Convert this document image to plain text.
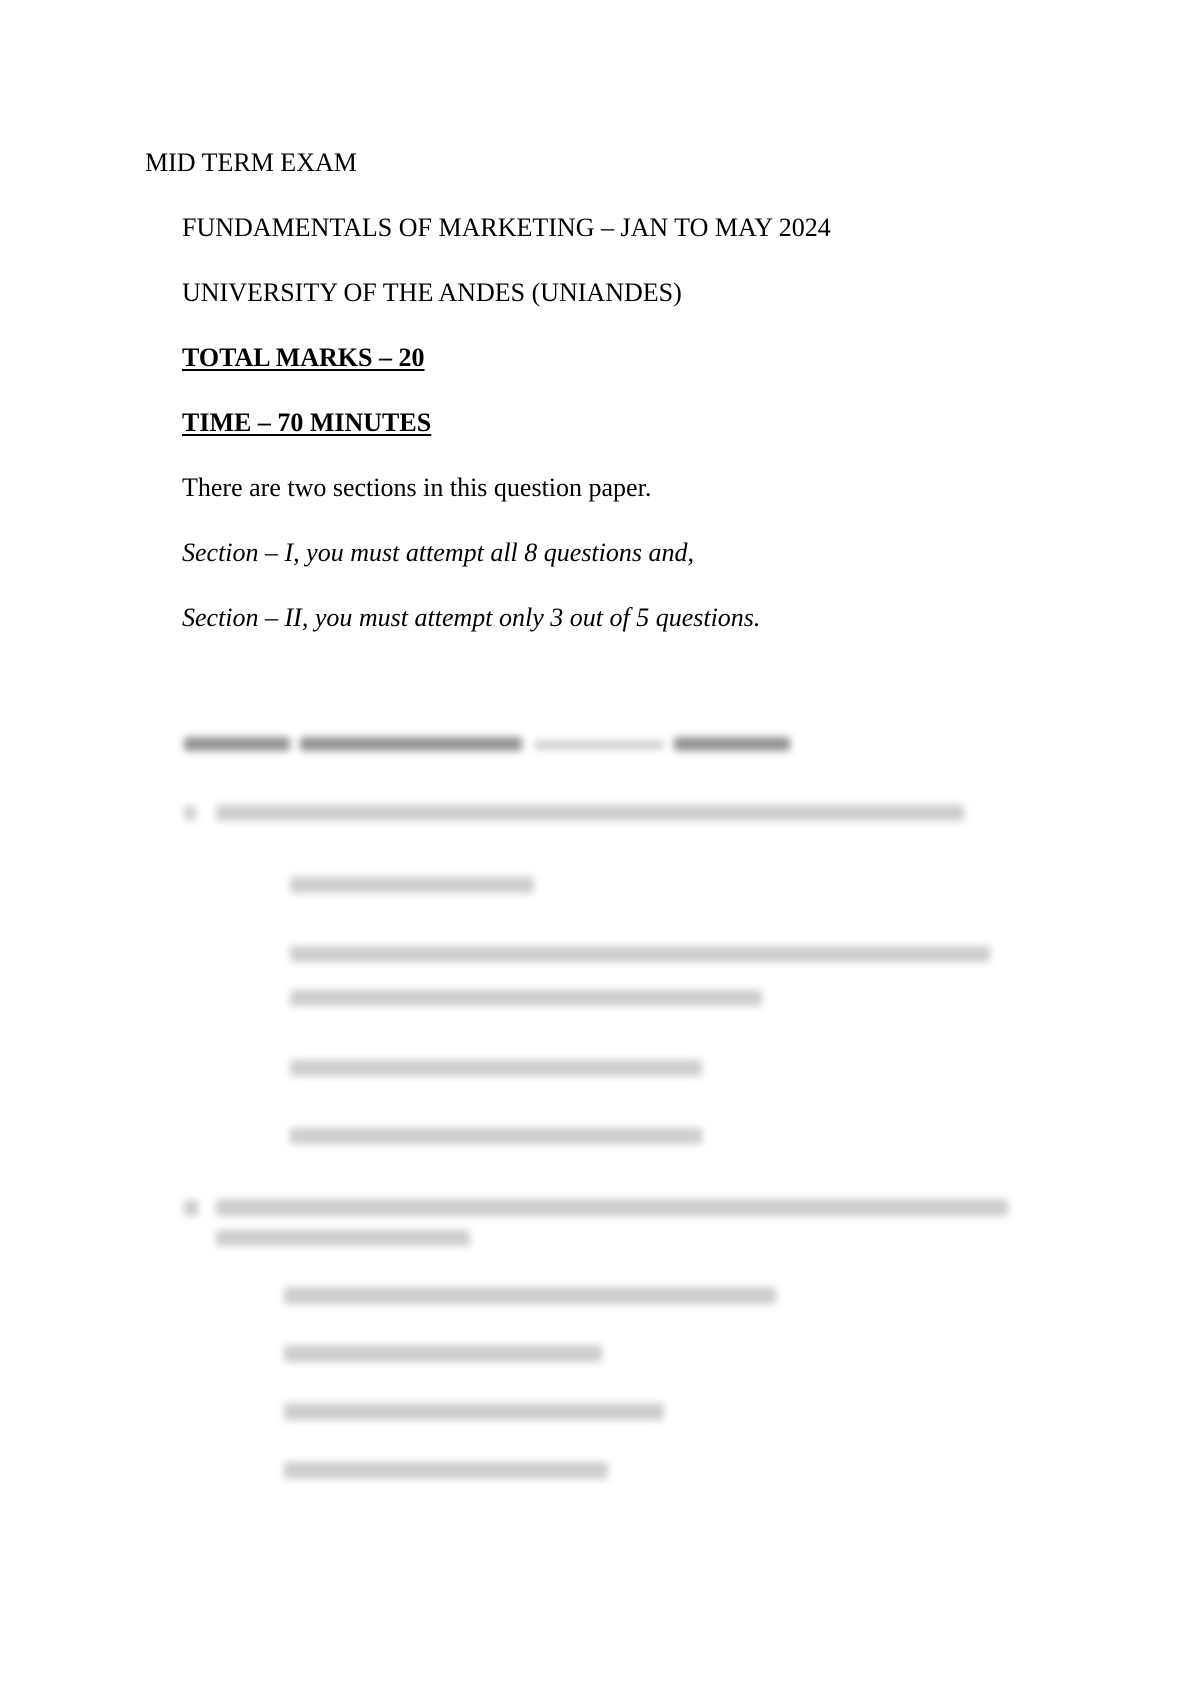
MID TERM EXAM
FUNDAMENTALS OF MARKETING – JAN TO MAY 2024
UNIVERSITY OF THE ANDES (UNIANDES)
TOTAL MARKS – 20
TIME – 70 MINUTES
There are two sections in this question paper.
Section – I, you must attempt all 8 questions and,
Section – II, you must attempt only 3 out of 5 questions.
